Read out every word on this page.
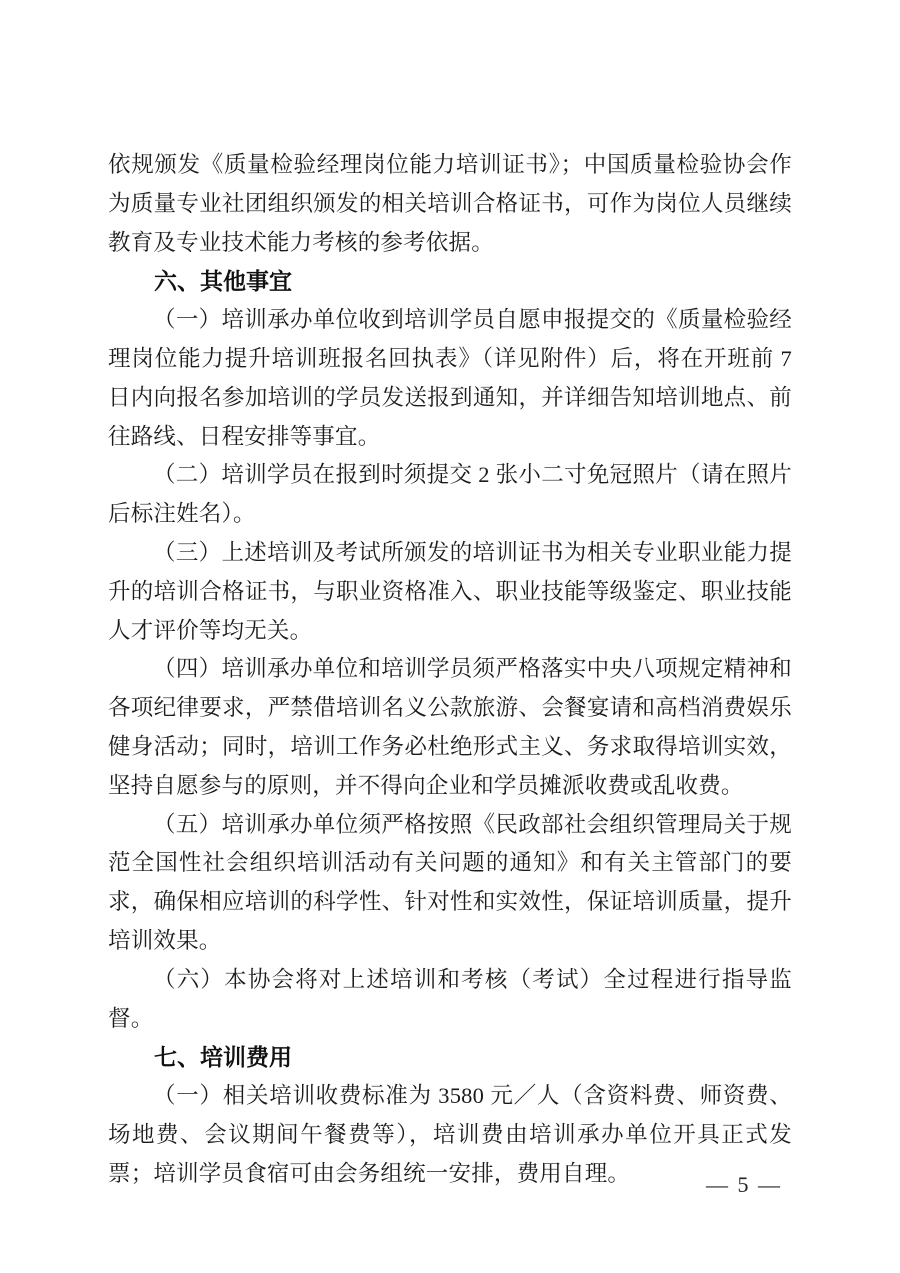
依规颁发《质量检验经理岗位能力培训证书》；中国质量检验协会作为质量专业社团组织颁发的相关培训合格证书，可作为岗位人员继续教育及专业技术能力考核的参考依据。

六、其他事宜

（一）培训承办单位收到培训学员自愿申报提交的《质量检验经理岗位能力提升培训班报名回执表》（详见附件）后，将在开班前 7 日内向报名参加培训的学员发送报到通知，并详细告知培训地点、前往路线、日程安排等事宜。

（二）培训学员在报到时须提交 2 张小二寸免冠照片（请在照片后标注姓名）。

（三）上述培训及考试所颁发的培训证书为相关专业职业能力提升的培训合格证书，与职业资格准入、职业技能等级鉴定、职业技能人才评价等均无关。

（四）培训承办单位和培训学员须严格落实中央八项规定精神和各项纪律要求，严禁借培训名义公款旅游、会餐宴请和高档消费娱乐健身活动；同时，培训工作务必杜绝形式主义、务求取得培训实效，坚持自愿参与的原则，并不得向企业和学员摊派收费或乱收费。

（五）培训承办单位须严格按照《民政部社会组织管理局关于规范全国性社会组织培训活动有关问题的通知》和有关主管部门的要求，确保相应培训的科学性、针对性和实效性，保证培训质量，提升培训效果。

（六）本协会将对上述培训和考核（考试）全过程进行指导监督。

七、培训费用

（一）相关培训收费标准为 3580 元／人（含资料费、师资费、场地费、会议期间午餐费等），培训费由培训承办单位开具正式发票；培训学员食宿可由会务组统一安排，费用自理。	— 5 —
